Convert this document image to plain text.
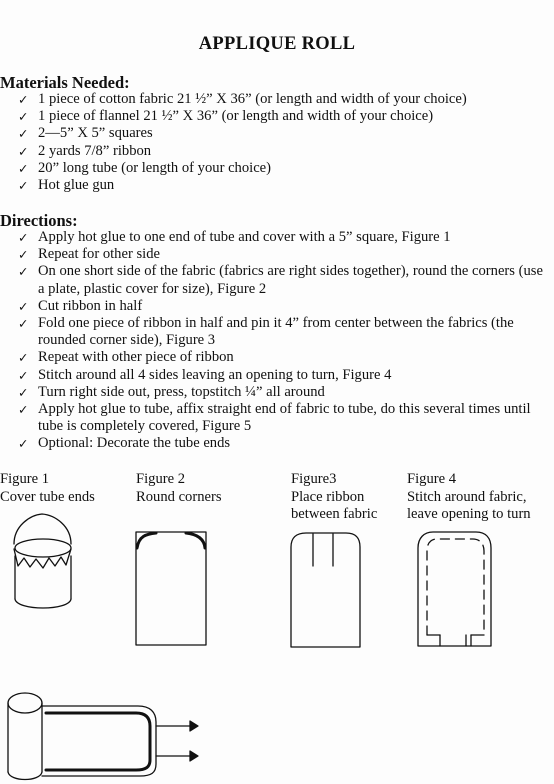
APPLIQUE ROLL
Materials Needed:
✓ 1 piece of cotton fabric 21 ½” X 36” (or length and width of your choice)
✓ 1 piece of flannel 21 ½” X 36” (or length and width of your choice)
✓ 2—5” X 5” squares
✓ 2 yards 7/8” ribbon
✓ 20” long tube (or length of your choice)
✓ Hot glue gun
Directions:
✓ Apply hot glue to one end of tube and cover with a 5” square, Figure 1
✓ Repeat for other side
✓ On one short side of the fabric (fabrics are right sides together), round the corners (use
a plate, plastic cover for size), Figure 2
✓ Cut ribbon in half
✓ Fold one piece of ribbon in half and pin it 4” from center between the fabrics (the
rounded corner side), Figure 3
✓ Repeat with other piece of ribbon
✓ Stitch around all 4 sides leaving an opening to turn, Figure 4
✓ Turn right side out, press, topstitch ¼” all around
✓ Apply hot glue to tube, affix straight end of fabric to tube, do this several times until
tube is completely covered, Figure 5
✓ Optional: Decorate the tube ends
Figure 1
Cover tube ends
Figure 2
Round corners
Figure3
Place ribbon
between fabric
Figure 4
Stitch around fabric,
leave opening to turn
